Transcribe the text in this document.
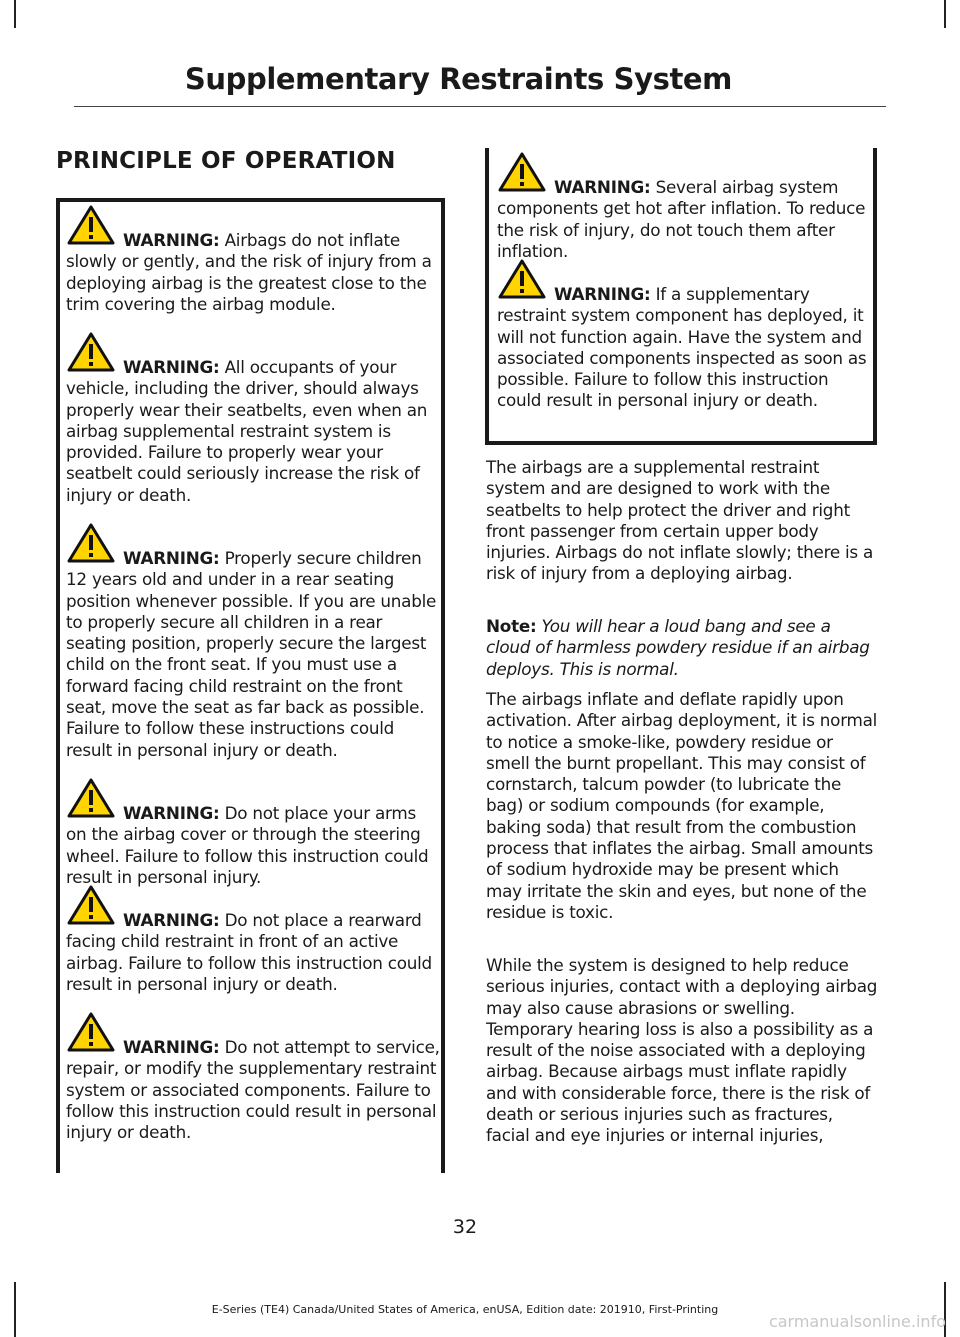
Supplementary Restraints System
PRINCIPLE OF OPERATION
WARNING: Airbags do not inflate slowly or gently, and the risk of injury from a deploying airbag is the greatest close to the trim covering the airbag module.
WARNING: All occupants of your vehicle, including the driver, should always properly wear their seatbelts, even when an airbag supplemental restraint system is provided. Failure to properly wear your seatbelt could seriously increase the risk of injury or death.
WARNING: Properly secure children 12 years old and under in a rear seating position whenever possible. If you are unable to properly secure all children in a rear seating position, properly secure the largest child on the front seat. If you must use a forward facing child restraint on the front seat, move the seat as far back as possible. Failure to follow these instructions could result in personal injury or death.
WARNING: Do not place your arms on the airbag cover or through the steering wheel. Failure to follow this instruction could result in personal injury.
WARNING: Do not place a rearward facing child restraint in front of an active airbag. Failure to follow this instruction could result in personal injury or death.
WARNING: Do not attempt to service, repair, or modify the supplementary restraint system or associated components. Failure to follow this instruction could result in personal injury or death.
WARNING: Several airbag system components get hot after inflation. To reduce the risk of injury, do not touch them after inflation.
WARNING: If a supplementary restraint system component has deployed, it will not function again. Have the system and associated components inspected as soon as possible. Failure to follow this instruction could result in personal injury or death.

The airbags are a supplemental restraint system and are designed to work with the seatbelts to help protect the driver and right front passenger from certain upper body injuries. Airbags do not inflate slowly; there is a risk of injury from a deploying airbag.

Note: You will hear a loud bang and see a cloud of harmless powdery residue if an airbag deploys. This is normal.

The airbags inflate and deflate rapidly upon activation. After airbag deployment, it is normal to notice a smoke-like, powdery residue or smell the burnt propellant. This may consist of cornstarch, talcum powder (to lubricate the bag) or sodium compounds (for example, baking soda) that result from the combustion process that inflates the airbag. Small amounts of sodium hydroxide may be present which may irritate the skin and eyes, but none of the residue is toxic.

While the system is designed to help reduce serious injuries, contact with a deploying airbag may also cause abrasions or swelling. Temporary hearing loss is also a possibility as a result of the noise associated with a deploying airbag. Because airbags must inflate rapidly and with considerable force, there is the risk of death or serious injuries such as fractures, facial and eye injuries or internal injuries,

32
E-Series (TE4) Canada/United States of America, enUSA, Edition date: 201910, First-Printing
carmanualsonline.info
